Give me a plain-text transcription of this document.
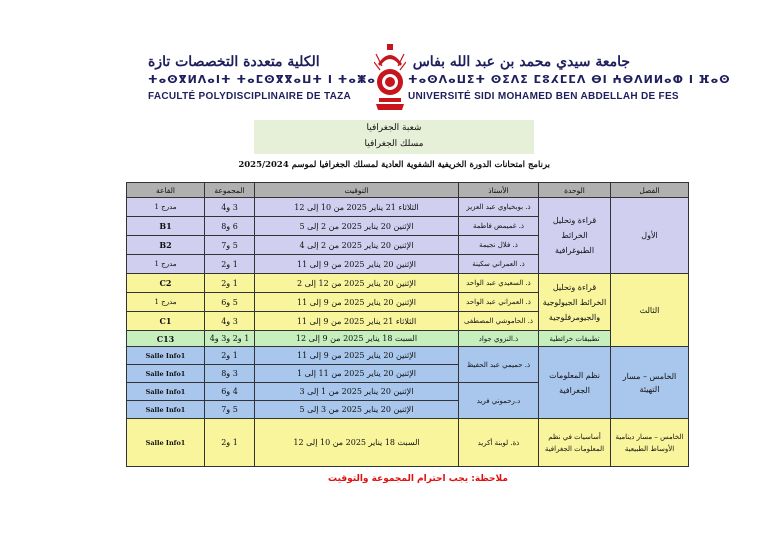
الكلية متعددة التخصصات تازة
ⵜⴰⵙⴳⵍⴷⴰⵏⵜ ⵜⴰⵎⵙⴳⴳⴰⵡⵜ ⵏ ⵜⴰⵥⴰ
FACULTÉ POLYDISCIPLINAIRE DE TAZA
جامعة سيدي محمد بن عبد الله بفاس
ⵜⴰⵙⴷⴰⵡⵉⵜ ⵙⵉⴷⵉ ⵎⵓⵃⵎⵎⴷ ⴱⵏ ⵄⴱⴷⵍⵍⴰⵀ ⵏ ⴼⴰⵙ
UNIVERSITÉ SIDI MOHAMED BEN ABDELLAH DE FES
شعبة الجغرافيا
مسلك الجغرافيا
برنامج امتحانات الدورة الخريفية الشفوية العادية لمسلك الجغرافيا لموسم 2025/2024
القاعة	المجموعة	التوقيت	الأستاذ	الوحدة	الفصل
مدرج 1	3 و4	الثلاثاء 21 يناير 2025 من 10 إلى 12	ذ. بوبخياوي عبد العزيز	قراءة وتحليل الخرائط الطبوغرافية	الأول
B1	6 و8	الإثنين 20 يناير 2025 من 2 إلى 5	ذ. غميمض فاطمة		
B2	5 و7	الإثنين 20 يناير 2025 من 2 إلى 4	ذ. فلال نجيمة		
مدرج 1	1 و2	الإثنين 20 يناير 2025 من 9 إلى 11	ذ. العمراني سكينة		
C2	1 و2	الإثنين 20 يناير 2025 من 12 إلى 2	ذ. السعيدي عبد الواحد	قراءة وتحليل الخرائط الجيولوجية والجيومرفلوجية	الثالث
مدرج 1	5 و6	الإثنين 20 يناير 2025 من 9 إلى 11	ذ. العمراني عبد الواحد		
C1	3 و4	الثلاثاء 21 يناير 2025 من 9 إلى 11	ذ. الحاموشي المصطفى		
C13	1 و2 و3 و4	السبت 18 يناير 2025 من 9 إلى 12	ذ.النزوي جواد	تطبيقات خرائطية	
Salle Info1	1 و2	الإثنين 20 يناير 2025 من 9 إلى 11	ذ. حميمي عبد الحفيظ	نظم المعلومات الجغرافية	الخامس – مسار التهيئة
Salle Info1	3 و8	الإثنين 20 يناير 2025 من 11 إلى 1			
Salle Info1	4 و6	الإثنين 20 يناير 2025 من 1 إلى 3	د.رحموني فريد		
Salle Info1	5 و7	الإثنين 20 يناير 2025 من 3 إلى 5			
Salle Info1	1 و2	السبت 18 يناير 2025 من 10 إلى 12	ذة. لوبنة أكريد	أساسيات في نظم المعلومات الجغرافية	الخامس – مسار دينامية الأوساط الطبيعية
ملاحظة: يجب احترام المجموعة والتوقيت
